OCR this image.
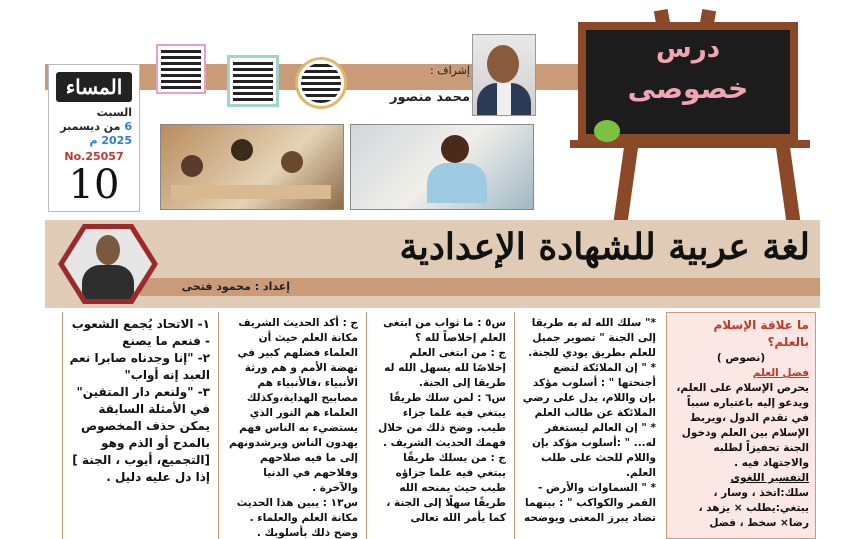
المساء
السبت
6 من ديسمبر
2025 م
No.25057
10
إشراف :
محمد منصور
درس
خصوصى
لغة عربية للشهادة الإعدادية
إعداد : محمود فتحى

ما علاقة الإسلام بالعلم؟

(نصوص )

فضل العلم

يحرص الإسلام على العلم، ويدعو إليه باعتباره سبباً في تقدم الدول ،ويربط الإسلام بين العلم ودخول الجنة تحفيزاً لطلبه والاجتهاد فيه .

التفسير اللغوى

سلك:اتخذ ، وسار ، يبتغي:يطلب × يزهد ، رضا× سخط ، فضل

*" سلك الله له به طريقا إلى الجنة " تصوير جميل للعلم بطريق يودي للجنة.

* " إن الملائكة لتضع أجنحتها " : أسلوب مؤكد بإن واللام، يدل على رضي الملائكة عن طالب العلم

* " إن العالم ليستغفر له... " :أسلوب مؤكد بإن واللام للحث على طلب العلم.

* " السماوات والأرض - القمر والكواكب " : بينهما تضاد يبرز المعنى ويوضحه

س٥ : ما ثواب من ابتغى العلم إخلاصاً لله ؟

ج : من ابتغى العلم إخلاصًا لله يسهل الله له طريقا إلى الجنة.

س٦ : لمن سلك طريقًا يبتغي فيه علما جزاء طيب. وضح ذلك من خلال فهمك الحديث الشريف .

ج : من يسلك طريقًا يبتغي فيه علما جزاؤه طيب حيث يمنحه الله طريقًا سهلًا إلى الجنة ، كما يأمر الله تعالى

ج : أكد الحديث الشريف مكانة العلم حيث أن العلماء فضلهم كبير في نهضة الأمم و هم ورثة الأنبياء ،فالأنبياء هم مصابيح الهداية،وكذلك العلماء هم النور الذي يستضيء به الناس فهم يهدون الناس ويرشدونهم إلى ما فيه صلاحهم وفلاحهم في الدنيا والآخرة .

س١٣ : يبين هذا الحديث مكانة العلم والعلماء . وضح ذلك بأسلوبك .

١- الاتحاد يُجمع الشعوب - فنعم ما يصنع

٢- "إنا وجدناه صابرا نعم العبد إنه أواب"

٣- "ولنعم دار المتقين" في الأمثلة السابقة يمكن حذف المخصوص بالمدح أو الذم وهو [التجميع، أيوب ، الجنة ] إذا دل عليه دليل .
